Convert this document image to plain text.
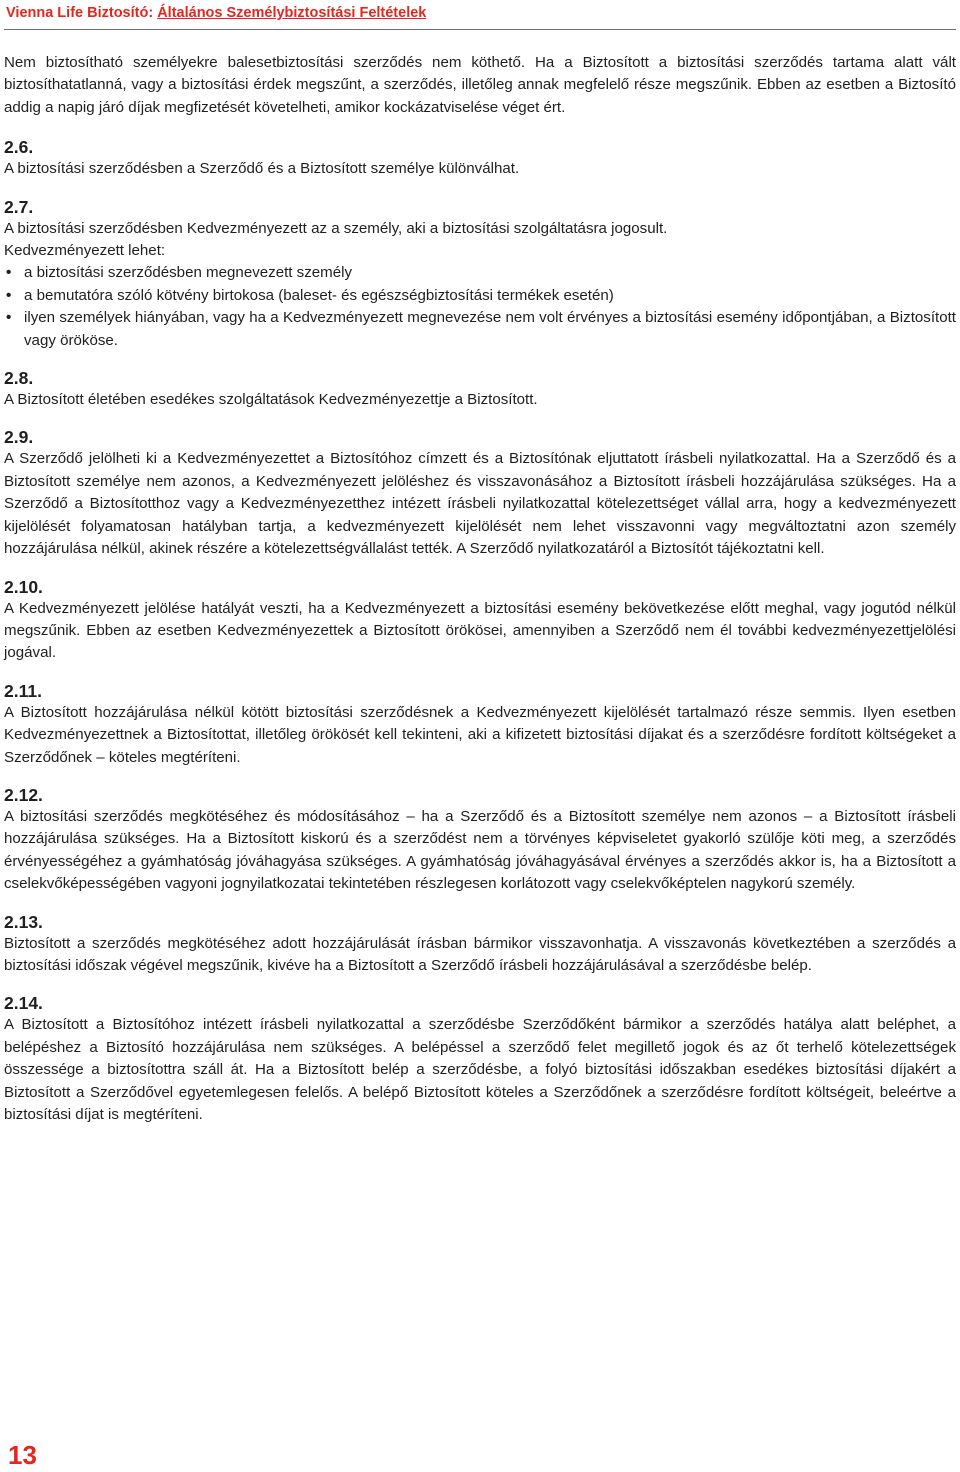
Vienna Life Biztosító: Általános Személybiztosítási Feltételek

Nem biztosítható személyekre balesetbiztosítási szerződés nem köthető. Ha a Biztosított a biztosítási szerződés tartama alatt vált biztosíthatatlanná, vagy a biztosítási érdek megszűnt, a szerződés, illetőleg annak megfelelő része megszűnik. Ebben az esetben a Biztosító addig a napig járó díjak megfizetését követelheti, amikor kockázatviselése véget ért.

2.6.

A biztosítási szerződésben a Szerződő és a Biztosított személye különválhat.

2.7.

A biztosítási szerződésben Kedvezményezett az a személy, aki a biztosítási szolgáltatásra jogosult.

Kedvezményezett lehet:

• a biztosítási szerződésben megnevezett személy
• a bemutatóra szóló kötvény birtokosa (baleset- és egészségbiztosítási termékek esetén)
• ilyen személyek hiányában, vagy ha a Kedvezményezett megnevezése nem volt érvényes a biztosítási esemény időpontjában, a Biztosított vagy örököse.
2.8.

A Biztosított életében esedékes szolgáltatások Kedvezményezettje a Biztosított.

2.9.

A Szerződő jelölheti ki a Kedvezményezettet a Biztosítóhoz címzett és a Biztosítónak eljuttatott írásbeli nyilatkozattal. Ha a Szerződő és a Biztosított személye nem azonos, a Kedvezményezett jelöléshez és visszavonásához a Biztosított írásbeli hozzájárulása szükséges. Ha a Szerződő a Biztosítotthoz vagy a Kedvezményezetthez intézett írásbeli nyilatkozattal kötelezettséget vállal arra, hogy a kedvezményezett kijelölését folyamatosan hatályban tartja, a kedvezményezett kijelölését nem lehet visszavonni vagy megváltoztatni azon személy hozzájárulása nélkül, akinek részére a kötelezettségvállalást tették. A Szerződő nyilatkozatáról a Biztosítót tájékoztatni kell.

2.10.

A Kedvezményezett jelölése hatályát veszti, ha a Kedvezményezett a biztosítási esemény bekövetkezése előtt meghal, vagy jogutód nélkül megszűnik. Ebben az esetben Kedvezményezettek a Biztosított örökösei, amennyiben a Szerződő nem él további kedvezményezettjelölési jogával.

2.11.

A Biztosított hozzájárulása nélkül kötött biztosítási szerződésnek a Kedvezményezett kijelölését tartalmazó része semmis. Ilyen esetben Kedvezményezettnek a Biztosítottat, illetőleg örökösét kell tekinteni, aki a kifizetett biztosítási díjakat és a szerződésre fordított költségeket a Szerződőnek – köteles megtéríteni.

2.12.

A biztosítási szerződés megkötéséhez és módosításához – ha a Szerződő és a Biztosított személye nem azonos – a Biztosított írásbeli hozzájárulása szükséges. Ha a Biztosított kiskorú és a szerződést nem a törvényes képviseletet gyakorló szülője köti meg, a szerződés érvényességéhez a gyámhatóság jóváhagyása szükséges. A gyámhatóság jóváhagyásával érvényes a szerződés akkor is, ha a Biztosított a cselekvőképességében vagyoni jognyilatkozatai tekintetében részlegesen korlátozott vagy cselekvőképtelen nagykorú személy.

2.13.

Biztosított a szerződés megkötéséhez adott hozzájárulását írásban bármikor visszavonhatja. A visszavonás következtében a szerződés a biztosítási időszak végével megszűnik, kivéve ha a Biztosított a Szerződő írásbeli hozzájárulásával a szerződésbe belép.

2.14.

A Biztosított a Biztosítóhoz intézett írásbeli nyilatkozattal a szerződésbe Szerződőként bármikor a szerződés hatálya alatt beléphet, a belépéshez a Biztosító hozzájárulása nem szükséges. A belépéssel a szerződő felet megillető jogok és az őt terhelő kötelezettségek összessége a biztosítottra száll át. Ha a Biztosított belép a szerződésbe, a folyó biztosítási időszakban esedékes biztosítási díjakért a Biztosított a Szerződővel egyetemlegesen felelős. A belépő Biztosított köteles a Szerződőnek a szerződésre fordított költségeit, beleértve a biztosítási díjat is megtéríteni.

13
